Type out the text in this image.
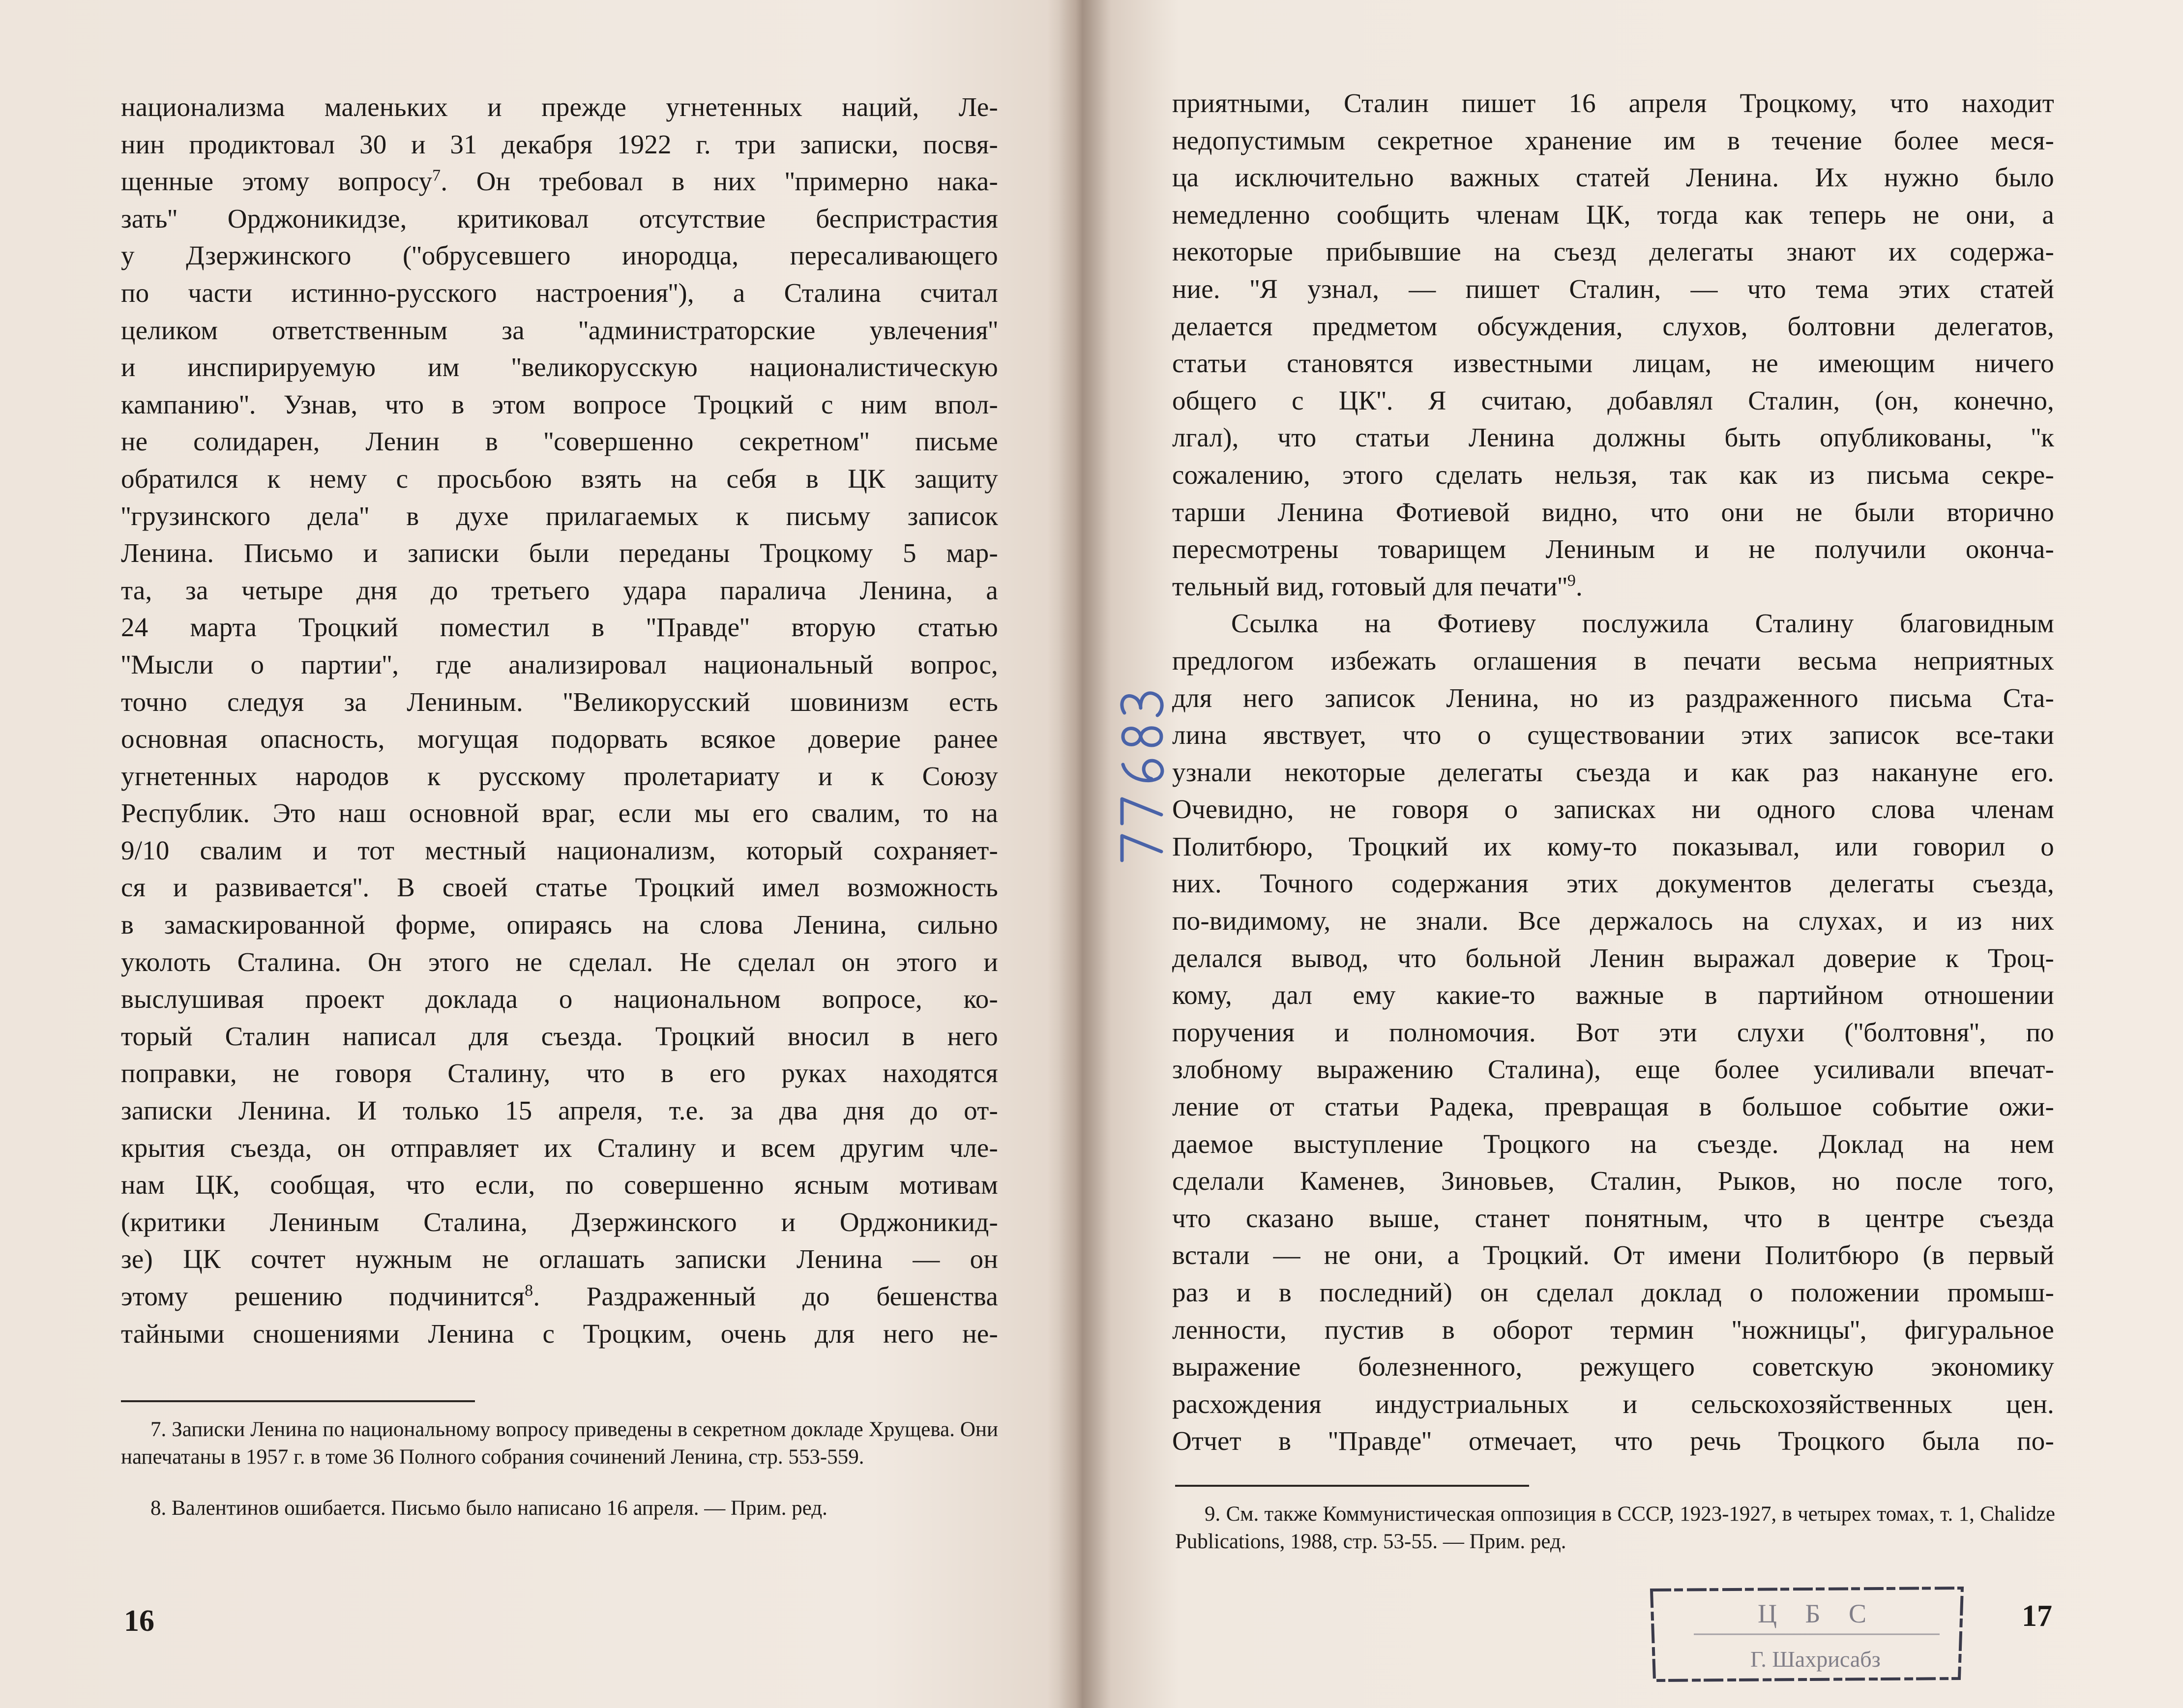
национализма маленьких и прежде угнетенных наций, Ле-
нин продиктовал 30 и 31 декабря 1922 г. три записки, посвя-
щенные этому вопросу$^7$. Он требовал в них ''примерно нака-
зать'' Орджоникидзе, критиковал отсутствие беспристрастия
у Дзержинского (''обрусевшего инородца, пересаливающего
по части истинно-русского настроения''), а Сталина считал
целиком ответственным за ''администраторские увлечения''
и инспирируемую им ''великорусскую националистическую
кампанию''. Узнав, что в этом вопросе Троцкий с ним впол-
не солидарен, Ленин в ''совершенно секретном'' письме
обратился к нему с просьбою взять на себя в ЦК защиту
''грузинского дела'' в духе прилагаемых к письму записок
Ленина. Письмо и записки были переданы Троцкому 5 мар-
та, за четыре дня до третьего удара паралича Ленина, а
24 марта Троцкий поместил в ''Правде'' вторую статью
''Мысли о партии'', где анализировал национальный вопрос,
точно следуя за Лениным. ''Великорусский шовинизм есть
основная опасность, могущая подорвать всякое доверие ранее
угнетенных народов к русскому пролетариату и к Союзу
Республик. Это наш основной враг, если мы его свалим, то на
9/10 свалим и тот местный национализм, который сохраняет-
ся и развивается''. В своей статье Троцкий имел возможность
в замаскированной форме, опираясь на слова Ленина, сильно
уколоть Сталина. Он этого не сделал. Не сделал он этого и
выслушивая проект доклада о национальном вопросе, ко-
торый Сталин написал для съезда. Троцкий вносил в него
поправки, не говоря Сталину, что в его руках находятся
записки Ленина. И только 15 апреля, т.е. за два дня до от-
крытия съезда, он отправляет их Сталину и всем другим чле-
нам ЦК, сообщая, что если, по совершенно ясным мотивам
(критики Лениным Сталина, Дзержинского и Орджоникид-
зе) ЦК сочтет нужным не оглашать записки Ленина — он
этому решению подчинится$^8$. Раздраженный до бешенства
тайными сношениями Ленина с Троцким, очень для него не-

7. Записки Ленина по национальному вопросу приведены в секретном докладе Хрущева. Они напечатаны в 1957 г. в томе 36 Полного собрания сочинений Ленина, стр. 553-559.

8. Валентинов ошибается. Письмо было написано 16 апреля. — Прим. ред.

16
приятными, Сталин пишет 16 апреля Троцкому, что находит
недопустимым секретное хранение им в течение более меся-
ца исключительно важных статей Ленина. Их нужно было
немедленно сообщить членам ЦК, тогда как теперь не они, а
некоторые прибывшие на съезд делегаты знают их содержа-
ние. ''Я узнал, — пишет Сталин, — что тема этих статей
делается предметом обсуждения, слухов, болтовни делегатов,
статьи становятся известными лицам, не имеющим ничего
общего с ЦК''. Я считаю, добавлял Сталин, (он, конечно,
лгал), что статьи Ленина должны быть опубликованы, ''к
сожалению, этого сделать нельзя, так как из письма секре-
тарши Ленина Фотиевой видно, что они не были вторично
пересмотрены товарищем Лениным и не получили оконча-
тельный вид, готовый для $печати''^9$.
Ссылка на Фотиеву послужила Сталину благовидным
предлогом избежать оглашения в печати весьма неприятных
для него записок Ленина, но из раздраженного письма Ста-
лина явствует, что о существовании этих записок все-таки
узнали некоторые делегаты съезда и как раз накануне его.
Очевидно, не говоря о записках ни одного слова членам
Политбюро, Троцкий их кому-то показывал, или говорил о
них. Точного содержания этих документов делегаты съезда,
по-видимому, не знали. Все держалось на слухах, и из них
делался вывод, что больной Ленин выражал доверие к Троц-
кому, дал ему какие-то важные в партийном отношении
поручения и полномочия. Вот эти слухи (''болтовня'', по
злобному выражению Сталина), еще более усиливали впечат-
ление от статьи Радека, превращая в большое событие ожи-
даемое выступление Троцкого на съезде. Доклад на нем
сделали Каменев, Зиновьев, Сталин, Рыков, но после того,
что сказано выше, станет понятным, что в центре съезда
встали — не они, а Троцкий. От имени Политбюро (в первый
раз и в последний) он сделал доклад о положении промыш-
ленности, пустив в оборот термин ''ножницы'', фигуральное
выражение болезненного, режущего советскую экономику
расхождения индустриальных и сельскохозяйственных цен.
Отчет в ''Правде'' отмечает, что речь Троцкого была по-

9. См. также Коммунистическая оппозиция в СССР, 1923-1927, в четырех томах, т. 1, Chalidze Publications, 1988, стр. 53-55. — Прим. ред.

17
Ц Б С
Г. Шахрисабз
